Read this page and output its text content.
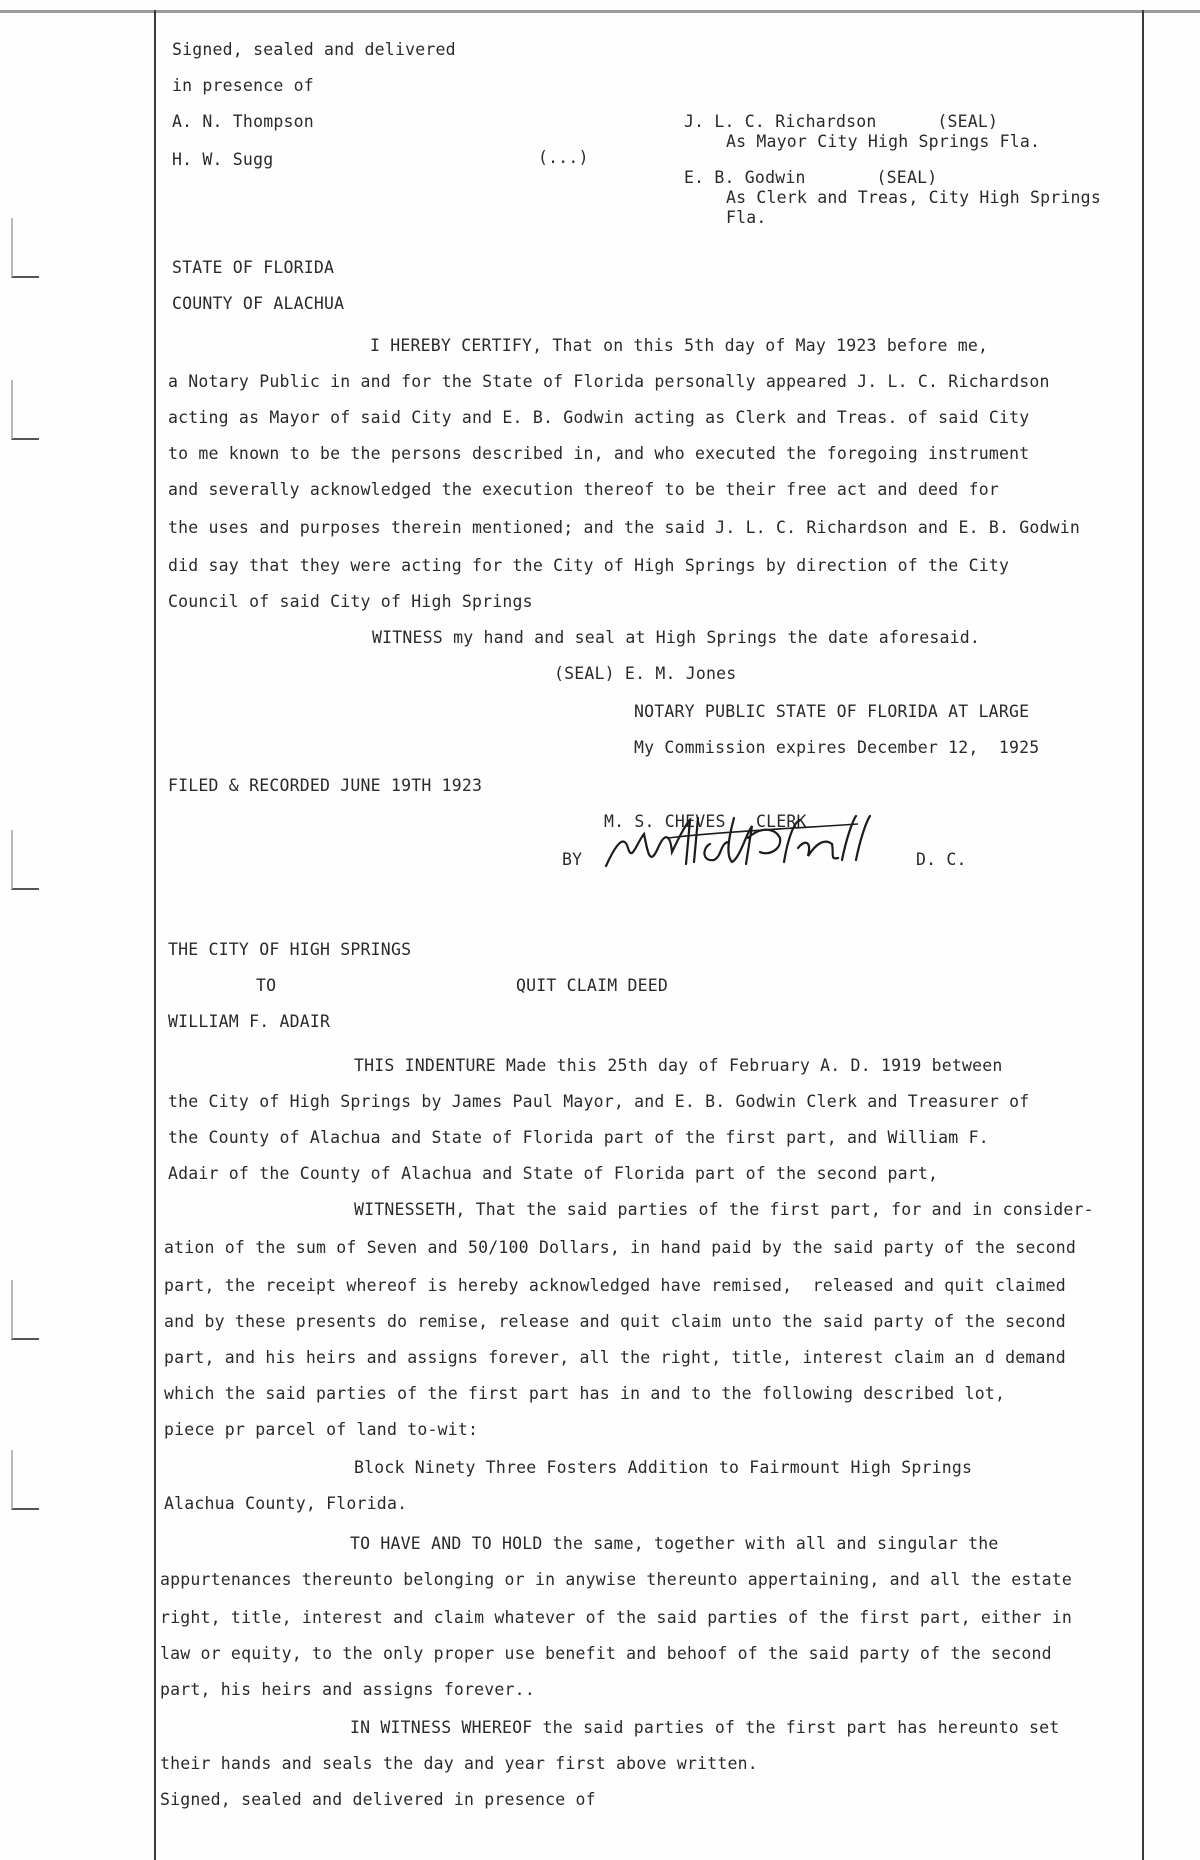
Signed, sealed and delivered
in presence of
A. N. Thompson
H. W. Sugg	(...)
J. L. C. Richardson      (SEAL)
As Mayor City High Springs Fla.
E. B. Godwin       (SEAL)
As Clerk and Treas, City High Springs
Fla.
STATE OF FLORIDA
COUNTY OF ALACHUA
I HEREBY CERTIFY, That on this 5th day of May 1923 before me,
a Notary Public in and for the State of Florida personally appeared J. L. C. Richardson
acting as Mayor of said City and E. B. Godwin acting as Clerk and Treas. of said City
to me known to be the persons described in, and who executed the foregoing instrument
and severally acknowledged the execution thereof to be their free act and deed for
the uses and purposes therein mentioned; and the said J. L. C. Richardson and E. B. Godwin
did say that they were acting for the City of High Springs by direction of the City
Council of said City of High Springs
WITNESS my hand and seal at High Springs the date aforesaid.
(SEAL) E. M. Jones
NOTARY PUBLIC STATE OF FLORIDA AT LARGE
My Commission expires December 12,  1925
FILED & RECORDED JUNE 19TH 1923
M. S. CHEVES   CLERK
BY	D. C.
THE CITY OF HIGH SPRINGS
TO	QUIT CLAIM DEED
WILLIAM F. ADAIR
THIS INDENTURE Made this 25th day of February A. D. 1919 between
the City of High Springs by James Paul Mayor, and E. B. Godwin Clerk and Treasurer of
the County of Alachua and State of Florida part of the first part, and William F.
Adair of the County of Alachua and State of Florida part of the second part,
WITNESSETH, That the said parties of the first part, for and in consider-
ation of the sum of Seven and 50/100 Dollars, in hand paid by the said party of the second
part, the receipt whereof is hereby acknowledged have remised,  released and quit claimed
and by these presents do remise, release and quit claim unto the said party of the second
part, and his heirs and assigns forever, all the right, title, interest claim an d demand
which the said parties of the first part has in and to the following described lot,
piece pr parcel of land to-wit:
Block Ninety Three Fosters Addition to Fairmount High Springs
Alachua County, Florida.
TO HAVE AND TO HOLD the same, together with all and singular the
appurtenances thereunto belonging or in anywise thereunto appertaining, and all the estate
right, title, interest and claim whatever of the said parties of the first part, either in
law or equity, to the only proper use benefit and behoof of the said party of the second
part, his heirs and assigns forever..
IN WITNESS WHEREOF the said parties of the first part has hereunto set
their hands and seals the day and year first above written.
Signed, sealed and delivered in presence of
